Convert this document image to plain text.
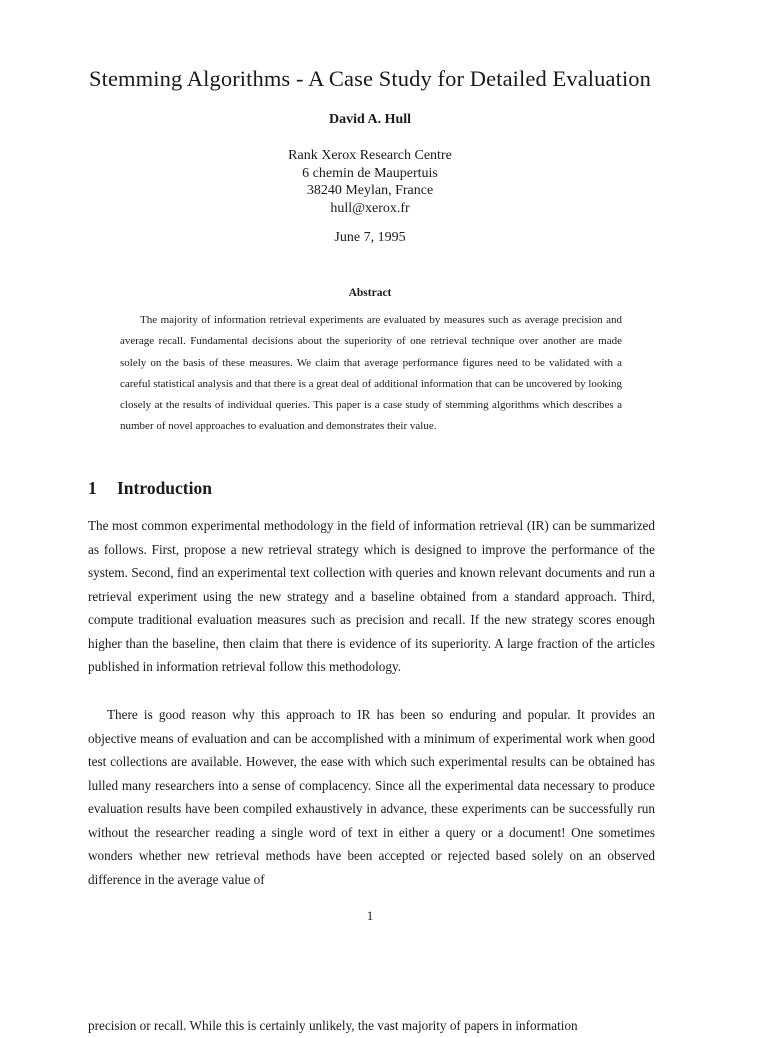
Stemming Algorithms - A Case Study for Detailed Evaluation
David A. Hull
Rank Xerox Research Centre
6 chemin de Maupertuis
38240 Meylan, France
hull@xerox.fr
June 7, 1995
Abstract
The majority of information retrieval experiments are evaluated by measures such as average precision and average recall. Fundamental decisions about the superiority of one retrieval technique over another are made solely on the basis of these measures. We claim that average performance figures need to be validated with a careful statistical analysis and that there is a great deal of additional information that can be uncovered by looking closely at the results of individual queries. This paper is a case study of stemming algorithms which describes a number of novel approaches to evaluation and demonstrates their value.
1 Introduction
The most common experimental methodology in the field of information retrieval (IR) can be summarized as follows. First, propose a new retrieval strategy which is designed to improve the performance of the system. Second, find an experimental text collection with queries and known relevant documents and run a retrieval experiment using the new strategy and a baseline obtained from a standard approach. Third, compute traditional evaluation measures such as precision and recall. If the new strategy scores enough higher than the baseline, then claim that there is evidence of its superiority. A large fraction of the articles published in information retrieval follow this methodology.
There is good reason why this approach to IR has been so enduring and popular. It provides an objective means of evaluation and can be accomplished with a minimum of experimental work when good test collections are available. However, the ease with which such experimental results can be obtained has lulled many researchers into a sense of complacency. Since all the experimental data necessary to produce evaluation results have been compiled exhaustively in advance, these experiments can be successfully run without the researcher reading a single word of text in either a query or a document! One sometimes wonders whether new retrieval methods have been accepted or rejected based solely on an observed difference in the average value of
1
precision or recall. While this is certainly unlikely, the vast majority of papers in information
